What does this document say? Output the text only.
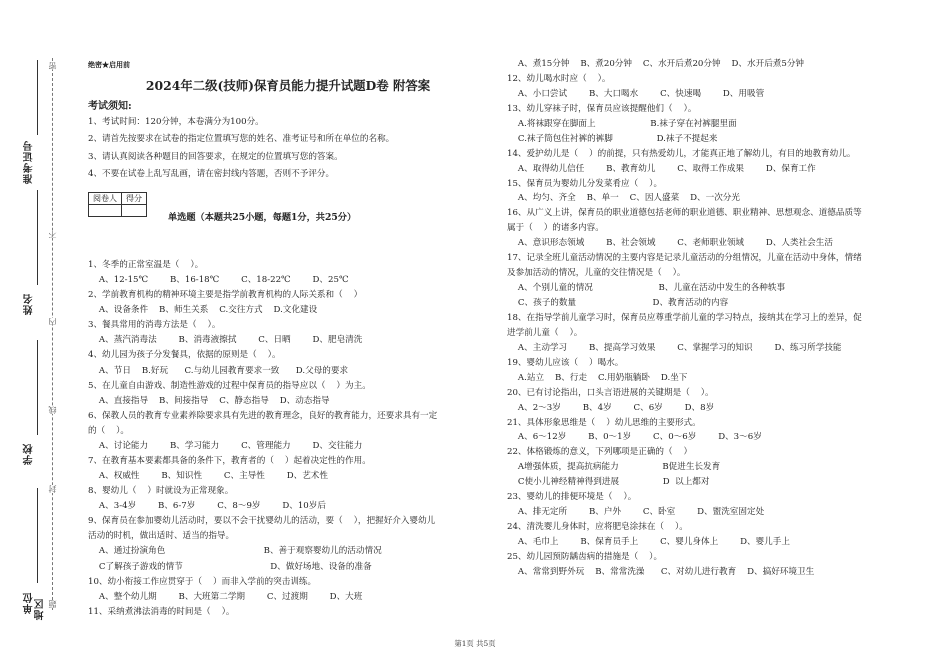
地区
准考证号
姓名
学校
单位
密
不
内
线
封
题
绝密★启用前
2024年二级(技师)保育员能力提升试题D卷 附答案
考试须知:
1、考试时间：120分钟，本卷满分为100分。
2、请首先按要求在试卷的指定位置填写您的姓名、准考证号和所在单位的名称。
3、请认真阅读各种题目的回答要求，在规定的位置填写您的答案。
4、不要在试卷上乱写乱画，请在密封线内答题，否则不予评分。
阅卷人	得分

单选题（本题共25小题，每题1分，共25分）
1、冬季的正常室温是（    ）。
A、12-15℃        B、16-18℃        C、18-22℃        D、25℃
2、学前教育机构的精神环境主要是指学前教育机构的人际关系和（    ）
A、设备条件    B、师生关系    C.交往方式    D.文化建设
3、餐具常用的消毒方法是（    ）。
A、蒸汽消毒法        B、消毒液擦拭        C、日晒        D、肥皂清洗
4、幼儿园为孩子分发餐具，依据的原则是（    ）。
A、节日    B.好玩      C.与幼儿园教育要求一致      D.父母的要求
5、在儿童自由游戏、制造性游戏的过程中保育员的指导应以（    ）为主。
A、直接指导    B、间接指导    C、静态指导    D、动态指导
6、保教人员的教育专业素养除要求具有先进的教育理念，良好的教育能力，还要求具有一定
的（    ）。
A、讨论能力        B、学习能力        C、管理能力        D、交往能力
7、在教育基本要素都具备的条件下，教育者的（    ）起着决定性的作用。
A、权威性        B、知识性        C、主导性        D、艺术性
8、婴幼儿（    ）时就设为正常现象。
A、3-4岁        B、6-7岁        C、8～9岁        D、10岁后
9、保育员在参加婴幼儿活动时，要以不会干扰婴幼儿的活动，要（    ），把握好介入婴幼儿
活动的时机，做出适时、适当的指导。
A、通过扮演角色                                    B、善于观察婴幼儿的活动情况
C了解孩子游戏的情节                                D、做好场地、设备的准备
10、幼小衔接工作应贯穿于（    ）而非入学前的突击训练。
A、整个幼儿期        B、大班第二学期        C、过渡期        D、大班
11、采纳煮沸法消毒的时间是（    ）。
A、煮15分钟    B、煮20分钟    C、水开后煮20分钟    D、水开后煮5分钟
12、幼儿喝水时应（    ）。
A、小口尝试        B、大口喝水        C、快速喝        D、用吸管
13、幼儿穿袜子时，保育员应该提醒他们（    ）。
A.将袜跟穿在脚面上                    B.袜子穿在衬裤腿里面
C.袜子筒包住衬裤的裤脚                D.袜子不提起来
14、爱护幼儿是（    ）的前提，只有热爱幼儿，才能真正地了解幼儿，有目的地教育幼儿。
A、取得幼儿信任        B、教育幼儿        C、取得工作成果        D、保育工作
15、保育员为婴幼儿分发菜肴应（    ）。
A、均匀、齐全    B、单一    C、因人盛菜    D、一次分光
16、从广义上讲，保育员的职业道德包括老师的职业道德、职业精神、思想观念、道德品质等
属于（    ）的诸多内容。
A、意识形态领域        B、社会领域        C、老师职业领域        D、人类社会生活
17、记录全班儿童活动情况的主要内容是记录儿童活动的分组情况，儿童在活动中身体，情绪
及参加活动的情况，儿童的交往情况是（    ）。
A、个别儿童的情况                        B、儿童在活动中发生的各种轶事
C、孩子的数量                            D、教育活动的内容
18、在指导学前儿童学习时，保育员应尊重学前儿童的学习特点，接纳其在学习上的差异，促
进学前儿童（    ）。
A、主动学习        B、提高学习效果        C、掌握学习的知识        D、练习所学技能
19、婴幼儿应该（    ）喝水。
A.站立    B、行走    C.用奶瓶躺卧    D.坐下
20、已有讨论指出，口头言语进展的关键期是（    ）。
A、2～3岁        B、4岁        C、6岁        D、8岁
21、具体形象思维是（    ）幼儿思维的主要形式。
A、6～12岁        B、0～1岁        C、0～6岁        D、3～6岁
22、体格锻炼的意义，下列哪项是正确的（    ）
A增强体质，提高抗病能力                B促进生长发育
C使小儿神经精神得到进展                D  以上都对
23、婴幼儿的排便环境是（    ）。
A、排无定所        B、户外        C、卧室        D、盥洗室固定处
24、清洗婴儿身体时，应将肥皂涂抹在（    ）。
A、毛巾上        B、保育员手上        C、婴儿身体上        D、婴儿手上
25、幼儿园预防龋齿病的措施是（    ）。
A、常常到野外玩    B、常常洗澡      C、对幼儿进行教育    D、搞好环境卫生
第1页 共5页
